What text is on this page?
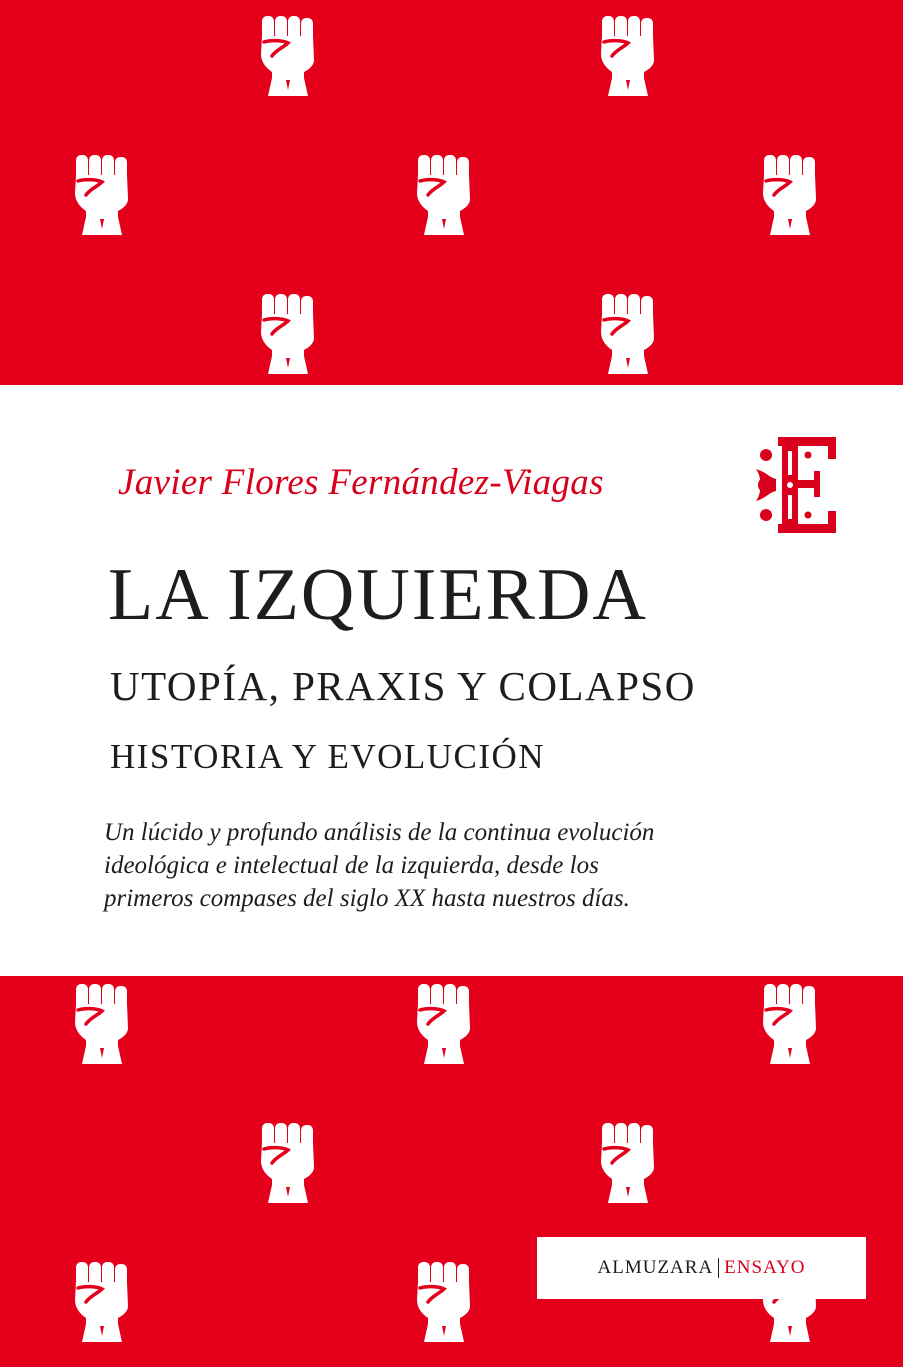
Javier Flores Fernández-Viagas
LA IZQUIERDA
UTOPÍA, PRAXIS Y COLAPSO
HISTORIA Y EVOLUCIÓN
Un lúcido y profundo análisis de la continua evolución
ideológica e intelectual de la izquierda, desde los
primeros compases del siglo XX hasta nuestros días.
ALMUZARA ENSAYO
